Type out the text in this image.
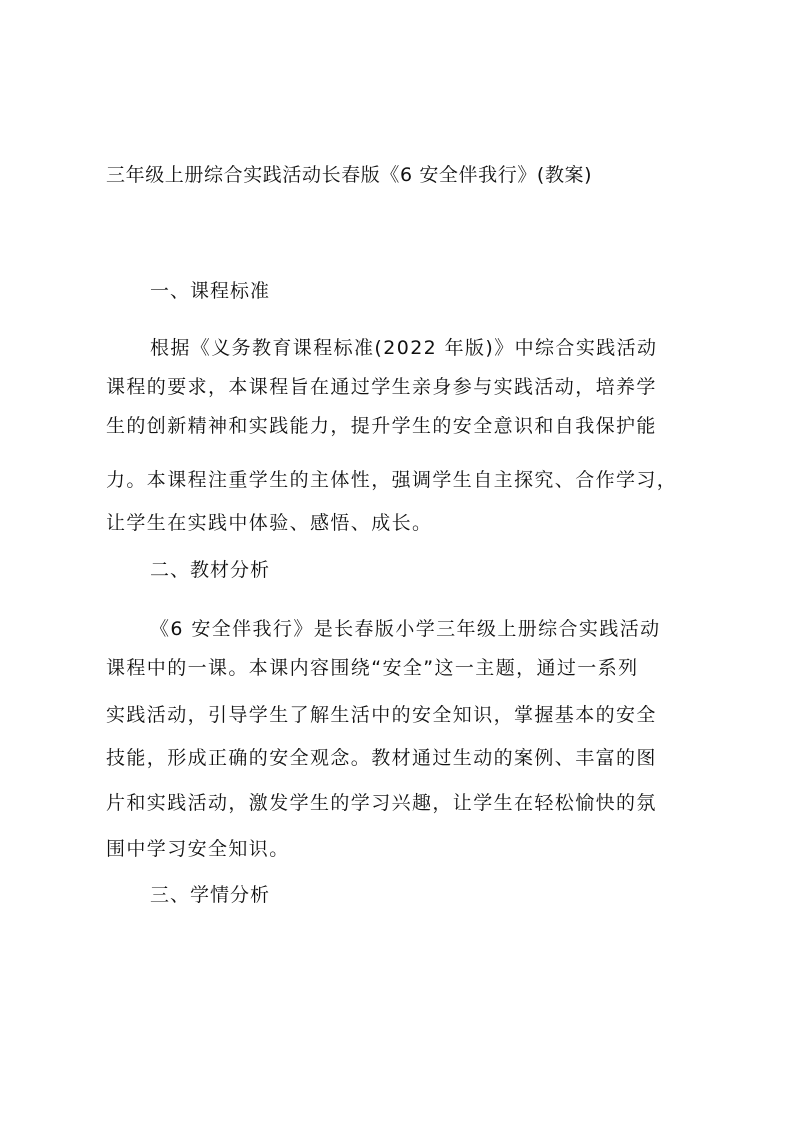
三年级上册综合实践活动长春版《6 安全伴我行》(教案)
一、课程标准

根据《义务教育课程标准(2022 年版)》中综合实践活动

课程的要求，本课程旨在通过学生亲身参与实践活动，培养学

生的创新精神和实践能力，提升学生的安全意识和自我保护能

力。本课程注重学生的主体性，强调学生自主探究、合作学习，

让学生在实践中体验、感悟、成长。

二、教材分析

《6 安全伴我行》是长春版小学三年级上册综合实践活动

课程中的一课。本课内容围绕“安全”这一主题，通过一系列

实践活动，引导学生了解生活中的安全知识，掌握基本的安全

技能，形成正确的安全观念。教材通过生动的案例、丰富的图

片和实践活动，激发学生的学习兴趣，让学生在轻松愉快的氛

围中学习安全知识。

三、学情分析
